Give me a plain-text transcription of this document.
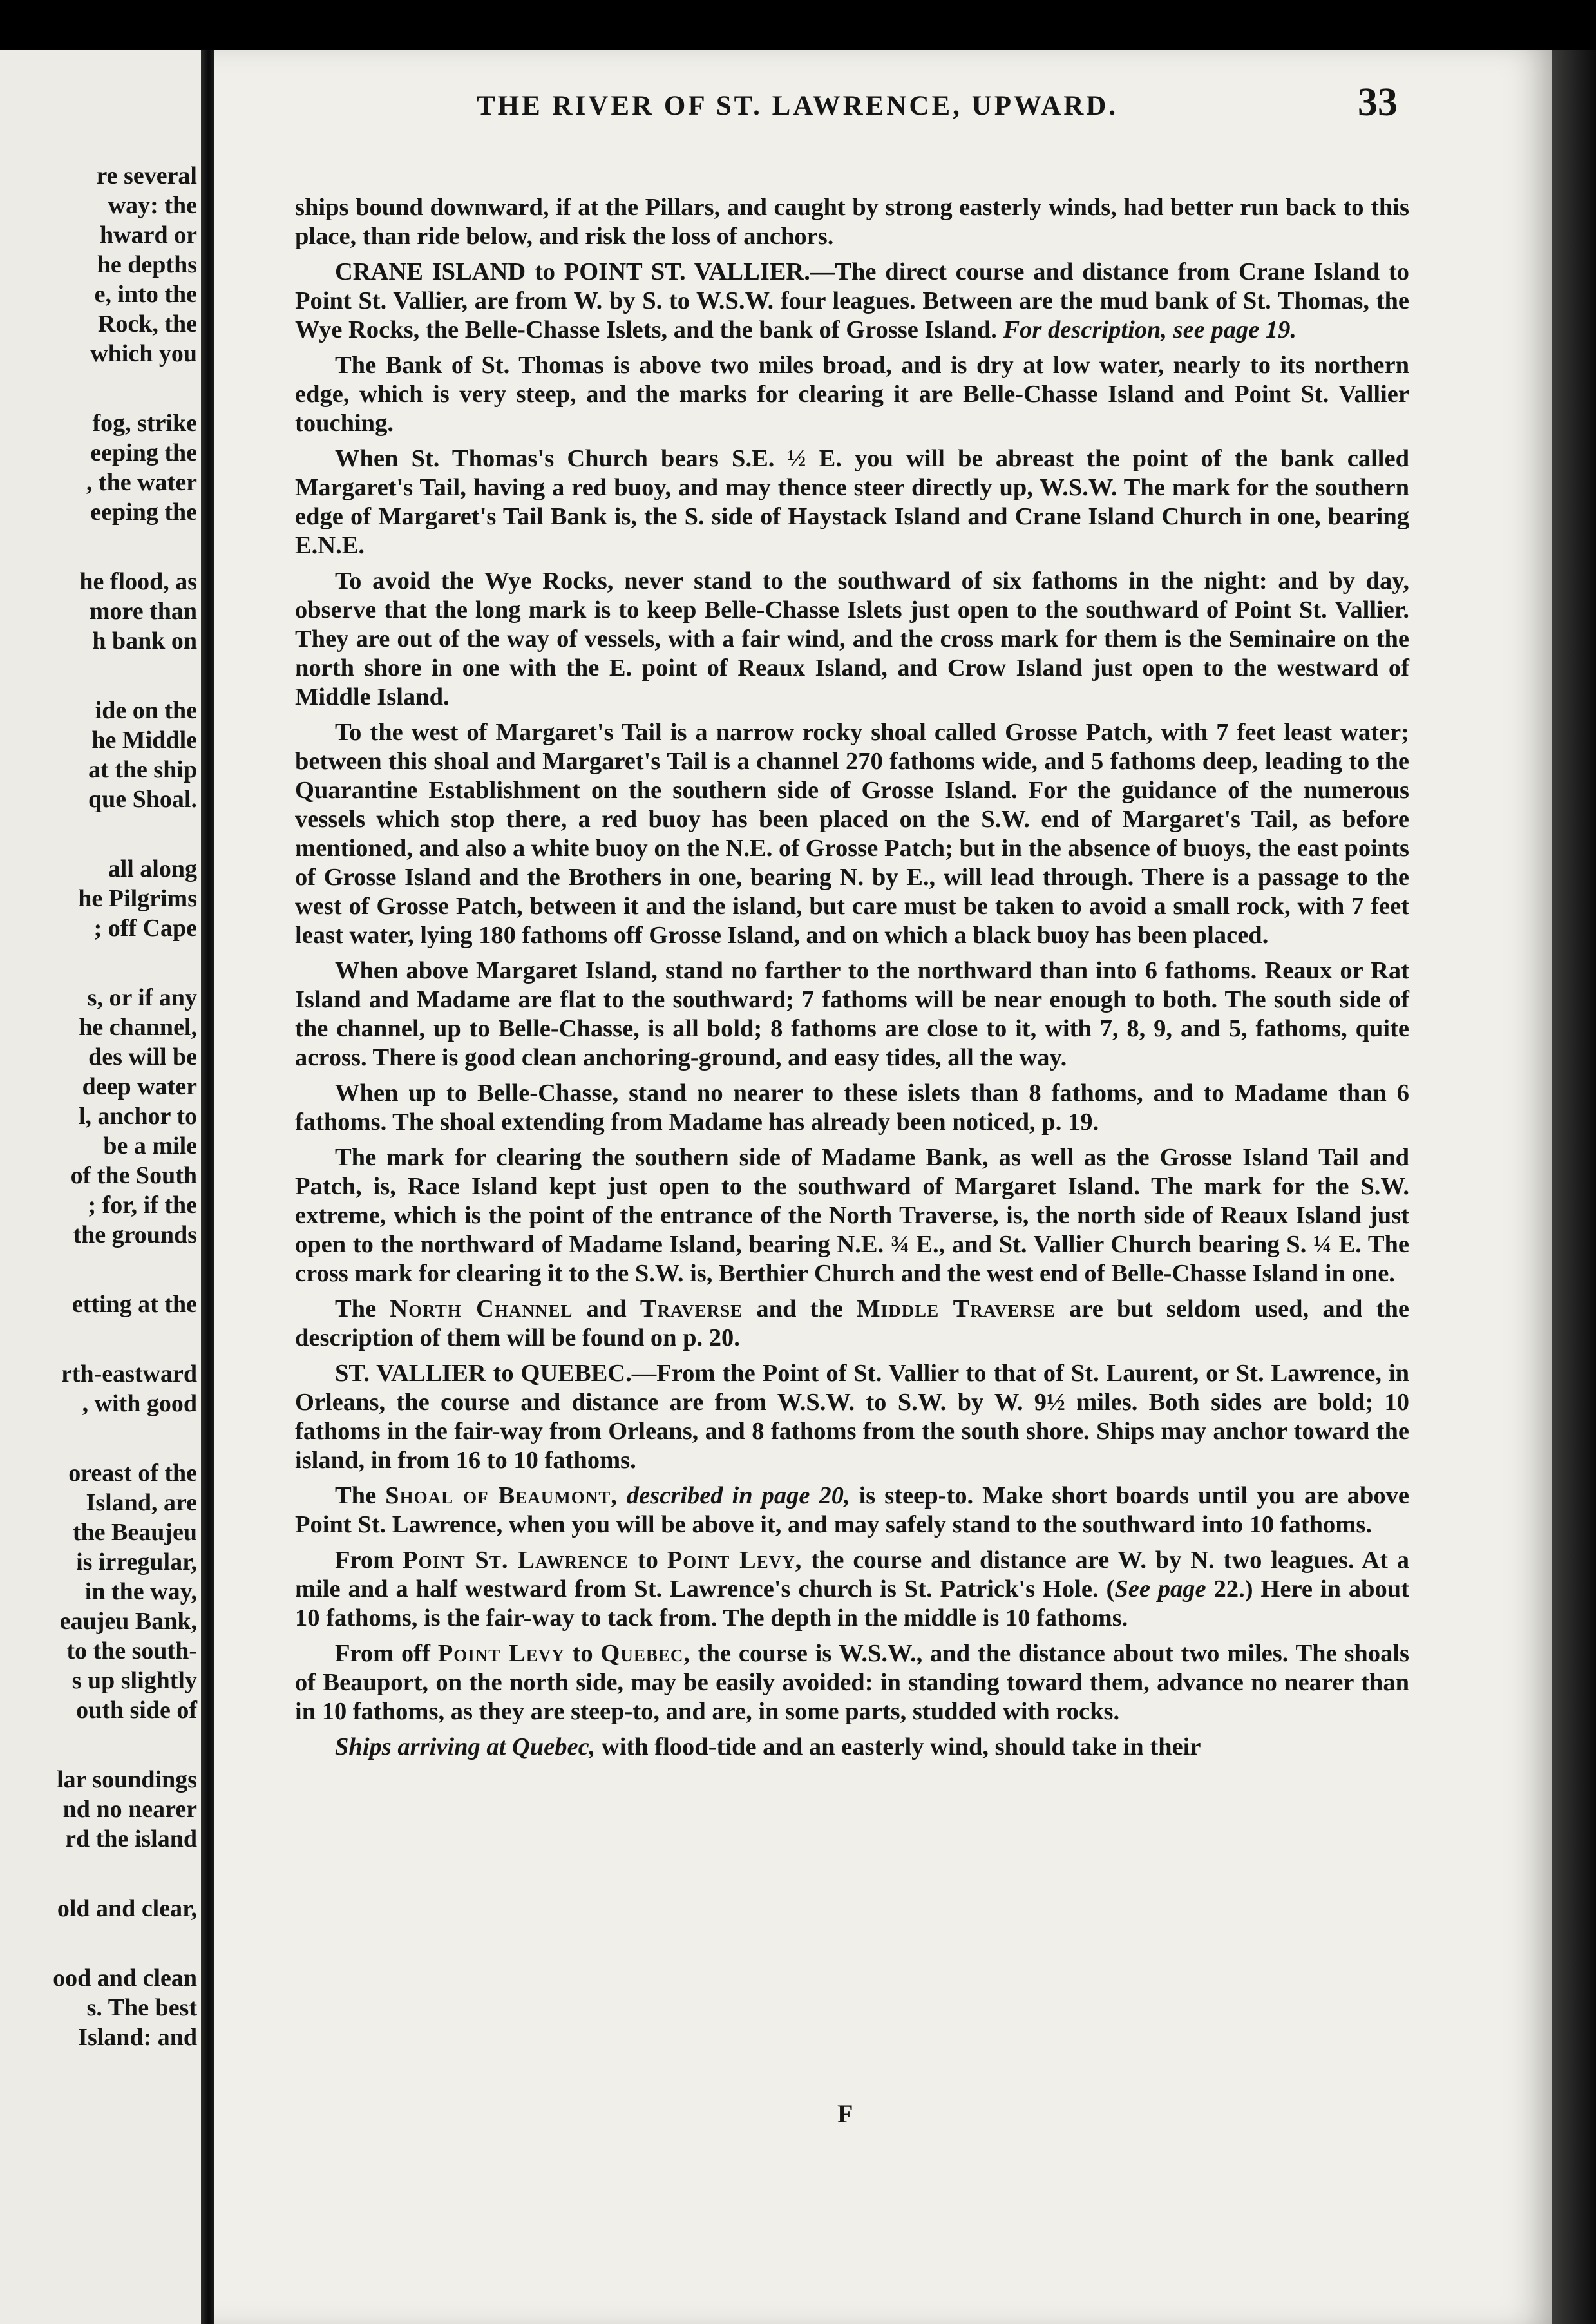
re several
way: the
hward or
he depths
e, into the
Rock, the
which you
fog, strike
eeping the
, the water
eeping the
he flood, as
more than
h bank on
ide on the
he Middle
at the ship
que Shoal.
all along
he Pilgrims
; off Cape
s, or if any
he channel,
des will be
deep water
l, anchor to
be a mile
of the South
; for, if the
the grounds
etting at the
rth-eastward
, with good
oreast of the
Island, are
the Beaujeu
is irregular,
in the way,
eaujeu Bank,
to the south-
s up slightly
outh side of
lar soundings
nd no nearer
rd the island
old and clear,
ood and clean
s. The best
Island: and
THE RIVER OF ST. LAWRENCE, UPWARD.	33

ships bound downward, if at the Pillars, and caught by strong easterly winds, had better run back to this place, than ride below, and risk the loss of anchors.

CRANE ISLAND to POINT ST. VALLIER.—The direct course and distance from Crane Island to Point St. Vallier, are from W. by S. to W.S.W. four leagues. Between are the mud bank of St. Thomas, the Wye Rocks, the Belle-Chasse Islets, and the bank of Grosse Island. For description, see page 19.

The Bank of St. Thomas is above two miles broad, and is dry at low water, nearly to its northern edge, which is very steep, and the marks for clearing it are Belle-Chasse Island and Point St. Vallier touching.

When St. Thomas's Church bears S.E. ½ E. you will be abreast the point of the bank called Margaret's Tail, having a red buoy, and may thence steer directly up, W.S.W. The mark for the southern edge of Margaret's Tail Bank is, the S. side of Haystack Island and Crane Island Church in one, bearing E.N.E.

To avoid the Wye Rocks, never stand to the southward of six fathoms in the night: and by day, observe that the long mark is to keep Belle-Chasse Islets just open to the southward of Point St. Vallier. They are out of the way of vessels, with a fair wind, and the cross mark for them is the Seminaire on the north shore in one with the E. point of Reaux Island, and Crow Island just open to the westward of Middle Island.

To the west of Margaret's Tail is a narrow rocky shoal called Grosse Patch, with 7 feet least water; between this shoal and Margaret's Tail is a channel 270 fathoms wide, and 5 fathoms deep, leading to the Quarantine Establishment on the southern side of Grosse Island. For the guidance of the numerous vessels which stop there, a red buoy has been placed on the S.W. end of Margaret's Tail, as before mentioned, and also a white buoy on the N.E. of Grosse Patch; but in the absence of buoys, the east points of Grosse Island and the Brothers in one, bearing N. by E., will lead through. There is a passage to the west of Grosse Patch, between it and the island, but care must be taken to avoid a small rock, with 7 feet least water, lying 180 fathoms off Grosse Island, and on which a black buoy has been placed.

When above Margaret Island, stand no farther to the northward than into 6 fathoms. Reaux or Rat Island and Madame are flat to the southward; 7 fathoms will be near enough to both. The south side of the channel, up to Belle-Chasse, is all bold; 8 fathoms are close to it, with 7, 8, 9, and 5, fathoms, quite across. There is good clean anchoring-ground, and easy tides, all the way.

When up to Belle-Chasse, stand no nearer to these islets than 8 fathoms, and to Madame than 6 fathoms. The shoal extending from Madame has already been noticed, p. 19.

The mark for clearing the southern side of Madame Bank, as well as the Grosse Island Tail and Patch, is, Race Island kept just open to the southward of Margaret Island. The mark for the S.W. extreme, which is the point of the entrance of the North Traverse, is, the north side of Reaux Island just open to the northward of Madame Island, bearing N.E. ¾ E., and St. Vallier Church bearing S. ¼ E. The cross mark for clearing it to the S.W. is, Berthier Church and the west end of Belle-Chasse Island in one.

The North Channel and Traverse and the Middle Traverse are but seldom used, and the description of them will be found on p. 20.

ST. VALLIER to QUEBEC.—From the Point of St. Vallier to that of St. Laurent, or St. Lawrence, in Orleans, the course and distance are from W.S.W. to S.W. by W. 9½ miles. Both sides are bold; 10 fathoms in the fair-way from Orleans, and 8 fathoms from the south shore. Ships may anchor toward the island, in from 16 to 10 fathoms.

The Shoal of Beaumont, described in page 20, is steep-to. Make short boards until you are above Point St. Lawrence, when you will be above it, and may safely stand to the southward into 10 fathoms.

From Point St. Lawrence to Point Levy, the course and distance are W. by N. two leagues. At a mile and a half westward from St. Lawrence's church is St. Patrick's Hole. (See page 22.) Here in about 10 fathoms, is the fair-way to tack from. The depth in the middle is 10 fathoms.

From off Point Levy to Quebec, the course is W.S.W., and the distance about two miles. The shoals of Beauport, on the north side, may be easily avoided: in standing toward them, advance no nearer than in 10 fathoms, as they are steep-to, and are, in some parts, studded with rocks.

Ships arriving at Quebec, with flood-tide and an easterly wind, should take in their

F
